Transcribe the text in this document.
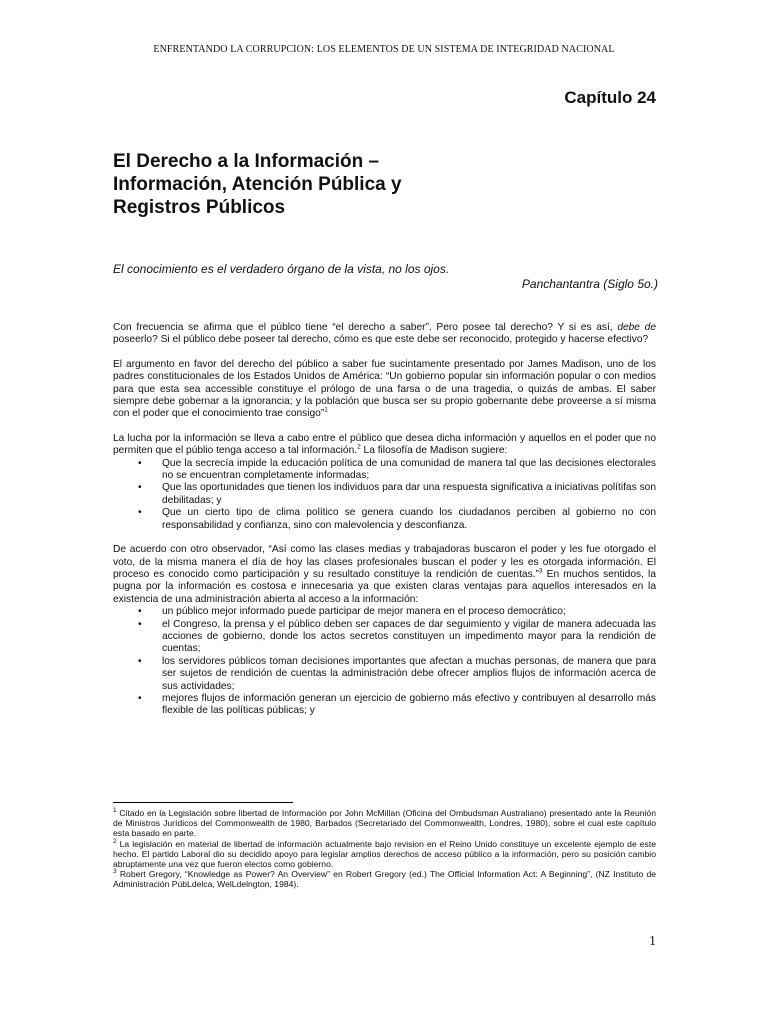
ENFRENTANDO LA CORRUPCION: LOS ELEMENTOS DE UN SISTEMA DE INTEGRIDAD NACIONAL
Capítulo 24
El Derecho a la Información –
Información, Atención Pública y
Registros Públicos
El conocimiento es el verdadero órgano de la vista, no los ojos.
Panchantantra (Siglo 5o.)

Con frecuencia se afirma que el públco tiene “el derecho a saber”. Pero posee tal derecho? Y si es así, debe de poseerlo? Si el público debe poseer tal derecho, cómo es que este debe ser reconocido, protegido y hacerse efectivo?

El argumento en favor del derecho del público a saber fue sucintamente presentado por James Madison, uno de los padres constitucionales de los Estados Unidos de América: “Un gobierno popular sin información popular o con medios para que esta sea accessible constituye el prólogo de una farsa o de una tragedia, o quizás de ambas. El saber siempre debe gobernar a la ignorancia; y la población que busca ser su propio gobernante debe proveerse a sí misma con el poder que el conocimiento trae consigo”$^1$

La lucha por la información se lleva a cabo entre el público que desea dicha información y aquellos en el poder que no permiten que el públio tenga acceso a tal información.$^2$ La filosofía de Madison sugiere:

• Que la secrecía impide la educación política de una comunidad de manera tal que las decisiones electorales no se encuentran completamente informadas;
• Que las oportunidades que tienen los individuos para dar una respuesta significativa a iniciativas polítifas son debilitadas; y
• Que un cierto tipo de clima político se genera cuando los ciudadanos perciben al gobierno no con responsabilidad y confianza, sino con malevolencia y desconfianza.

De acuerdo con otro observador, “Así como las clases medias y trabajadoras buscaron el poder y les fue otorgado el voto, de la misma manera el día de hoy las clases profesionales buscan el poder y les es otorgada información. El proceso es conocido como participación y su resultado constituye la rendición de cuentas.”$^3$ En muchos sentidos, la pugna por la información es costosa e innecesaria ya que existen claras ventajas para aquellos interesados en la existencia de una administración abierta al acceso a la información:

• un público mejor informado puede participar de mejor manera en el proceso democrático;
• el Congreso, la prensa y el público deben ser capaces de dar seguimiento y vigilar de manera adecuada las acciones de gobierno, donde los actos secretos constituyen un impedimento mayor para la rendición de cuentas;
• los servidores públicos toman decisiones importantes que afectan a muchas personas, de manera que para ser sujetos de rendición de cuentas la administración debe ofrecer amplios flujos de información acerca de sus actividades;
• mejores flujos de información generan un ejercicio de gobierno más efectivo y contribuyen al desarrollo más flexible de las políticas públicas; y

$^1$ Citado en la Legislación sobre libertad de Información por John McMillan (Oficina del Ombudsman Australiano) presentado ante la Reunión de Ministros Jurídicos del Commonwealth de 1980, Barbados (Secretariado del Commonwealth, Londres, 1980), sobre el cual este capítulo esta basado en parte.

$^2$ La legislación en material de libertad de información actualmente bajo revision en el Reino Unido constituye un excelente ejemplo de este hecho. El partido Laboral dio su decidido apoyo para legislar amplios derechos de acceso público a la información, pero su posición cambio abruptamente una vez que fueron electos como gobierno.

$^3$ Robert Gregory, “Knowledge as Power? An Overview” en Robert Gregory (ed.) The Official Information Act: A Beginning”, (NZ Instituto de Administración PúbLdelca, WelLdelngton, 1984).

1
